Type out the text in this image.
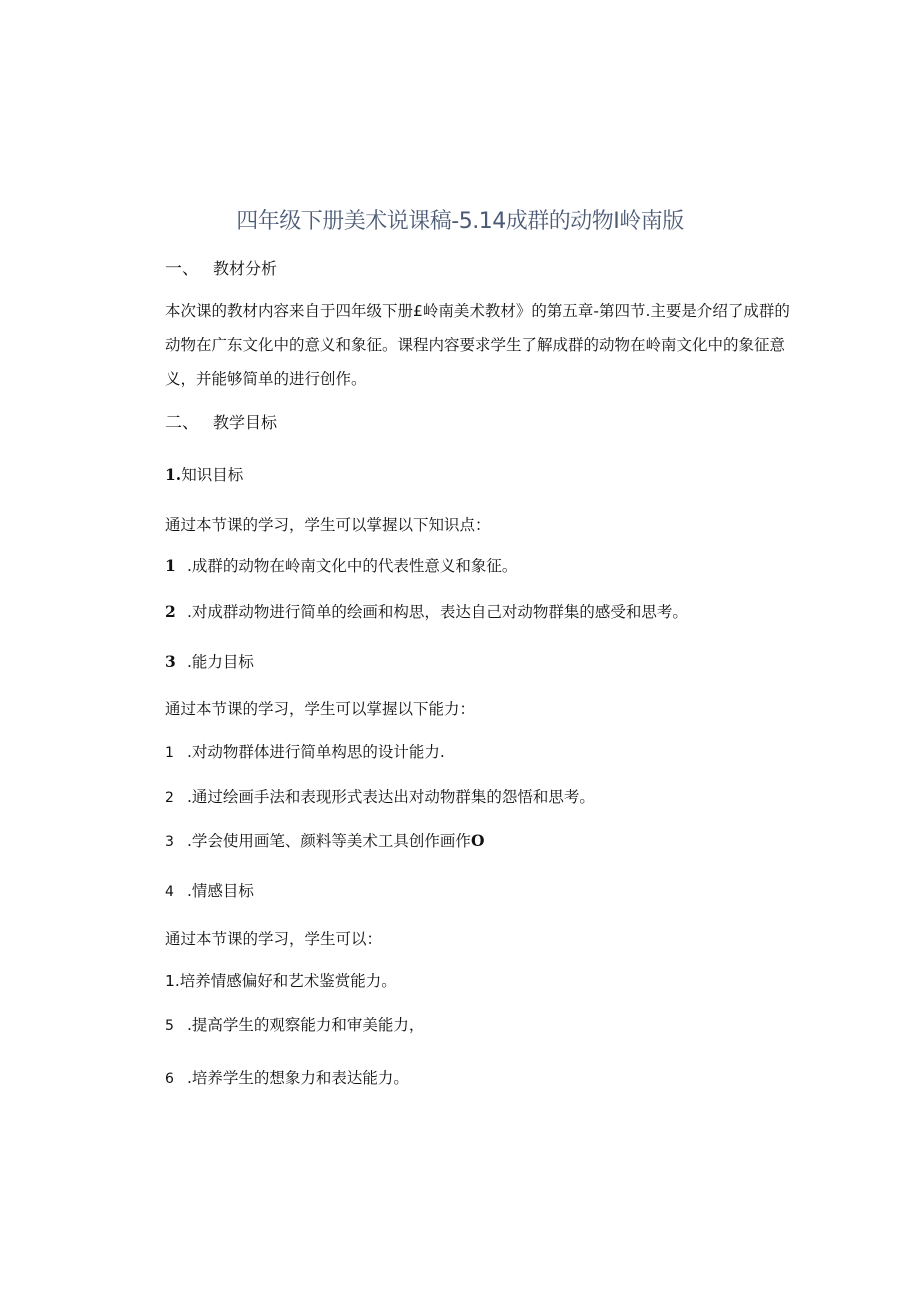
四年级下册美术说课稿-5.14成群的动物I岭南版
一、 教材分析
本次课的教材内容来自于四年级下册£岭南美术教材》的第五章-第四节.主要是介绍了成群的动物在广东文化中的意义和象征。课程内容要求学生了解成群的动物在岭南文化中的象征意义，并能够简单的进行创作。
二、 教学目标
1.知识目标
通过本节课的学习，学生可以掌握以下知识点：
1 .成群的动物在岭南文化中的代表性意义和象征。
2 .对成群动物进行简单的绘画和构思，表达自己对动物群集的感受和思考。
3 .能力目标
通过本节课的学习，学生可以掌握以下能力：
1 .对动物群体进行简单构思的设计能力.
2 .通过绘画手法和表现形式表达出对动物群集的怨悟和思考。
3 .学会使用画笔、颜料等美术工具创作画作O
4 .情感目标
通过本节课的学习，学生可以：
1.培养情感偏好和艺术鉴赏能力。
5 .提高学生的观察能力和审美能力，
6 .培养学生的想象力和表达能力。
